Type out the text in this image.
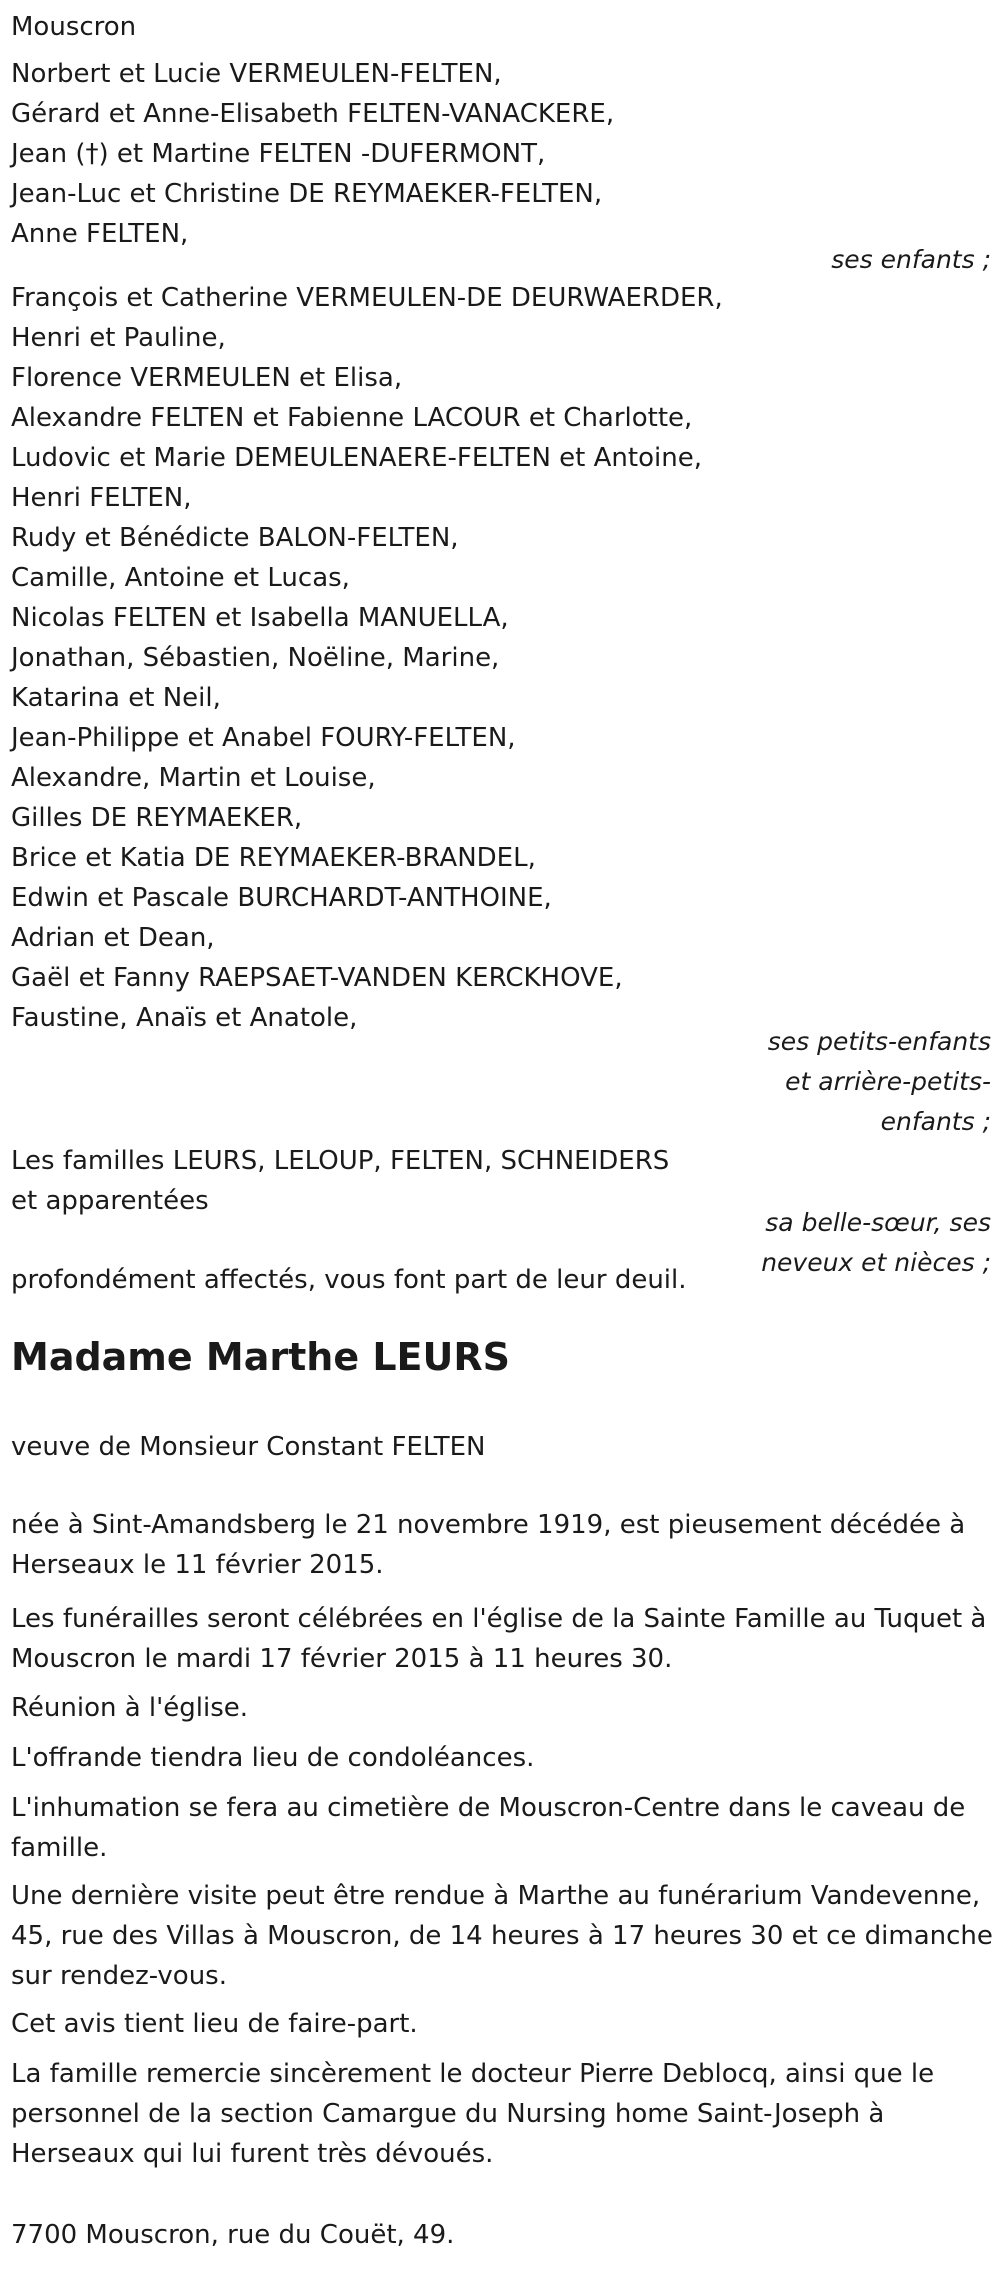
Mouscron
Norbert et Lucie VERMEULEN-FELTEN,
Gérard et Anne-Elisabeth FELTEN-VANACKERE,
Jean (†) et Martine FELTEN -DUFERMONT,
Jean-Luc et Christine DE REYMAEKER-FELTEN,
Anne FELTEN,
ses enfants ;
François et Catherine VERMEULEN-DE DEURWAERDER,
Henri et Pauline,
Florence VERMEULEN et Elisa,
Alexandre FELTEN et Fabienne LACOUR et Charlotte,
Ludovic et Marie DEMEULENAERE-FELTEN et Antoine,
Henri FELTEN,
Rudy et Bénédicte BALON-FELTEN,
Camille, Antoine et Lucas,
Nicolas FELTEN et Isabella MANUELLA,
Jonathan, Sébastien, Noëline, Marine,
Katarina et Neil,
Jean-Philippe et Anabel FOURY-FELTEN,
Alexandre, Martin et Louise,
Gilles DE REYMAEKER,
Brice et Katia DE REYMAEKER-BRANDEL,
Edwin et Pascale BURCHARDT-ANTHOINE,
Adrian et Dean,
Gaël et Fanny RAEPSAET-VANDEN KERCKHOVE,
Faustine, Anaïs et Anatole,
ses petits-enfants
et arrière-petits-
enfants ;
Les familles LEURS, LELOUP, FELTEN, SCHNEIDERS
et apparentées
sa belle-sœur, ses
neveux et nièces ;
profondément affectés, vous font part de leur deuil.
Madame Marthe LEURS
veuve de Monsieur Constant FELTEN
née à Sint-Amandsberg le 21 novembre 1919, est pieusement décédée à Herseaux le 11 février 2015.
Les funérailles seront célébrées en l'église de la Sainte Famille au Tuquet à Mouscron le mardi 17 février 2015 à 11 heures 30.
Réunion à l'église.
L'offrande tiendra lieu de condoléances.
L'inhumation se fera au cimetière de Mouscron-Centre dans le caveau de famille.
Une dernière visite peut être rendue à Marthe au funérarium Vandevenne, 45, rue des Villas à Mouscron, de 14 heures à 17 heures 30 et ce dimanche sur rendez-vous.
Cet avis tient lieu de faire-part.
La famille remercie sincèrement le docteur Pierre Deblocq, ainsi que le personnel de la section Camargue du Nursing home Saint-Joseph à Herseaux qui lui furent très dévoués.
7700 Mouscron, rue du Couët, 49.
